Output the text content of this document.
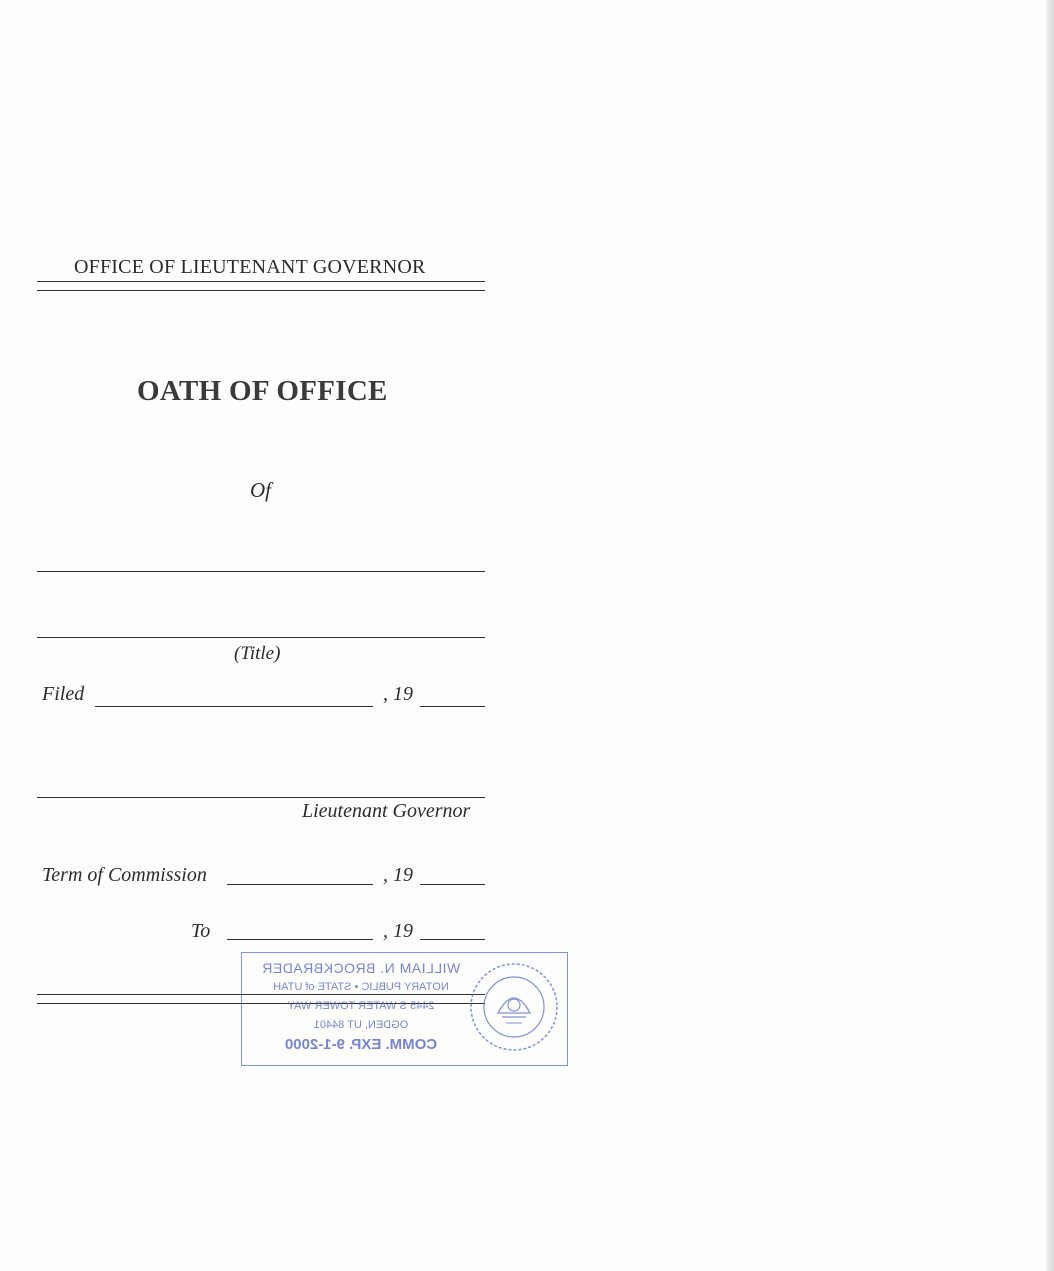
OFFICE OF LIEUTENANT GOVERNOR
OATH OF OFFICE
Of
(Title)
Filed	, 19
Lieutenant Governor
Term of Commission	, 19
To	, 19
WILLIAM N. BROCKBRADER
NOTARY PUBLIC • STATE of UTAH
2445 S WATER TOWER WAY
OGDEN, UT 84401
COMM. EXP. 9-1-2000
